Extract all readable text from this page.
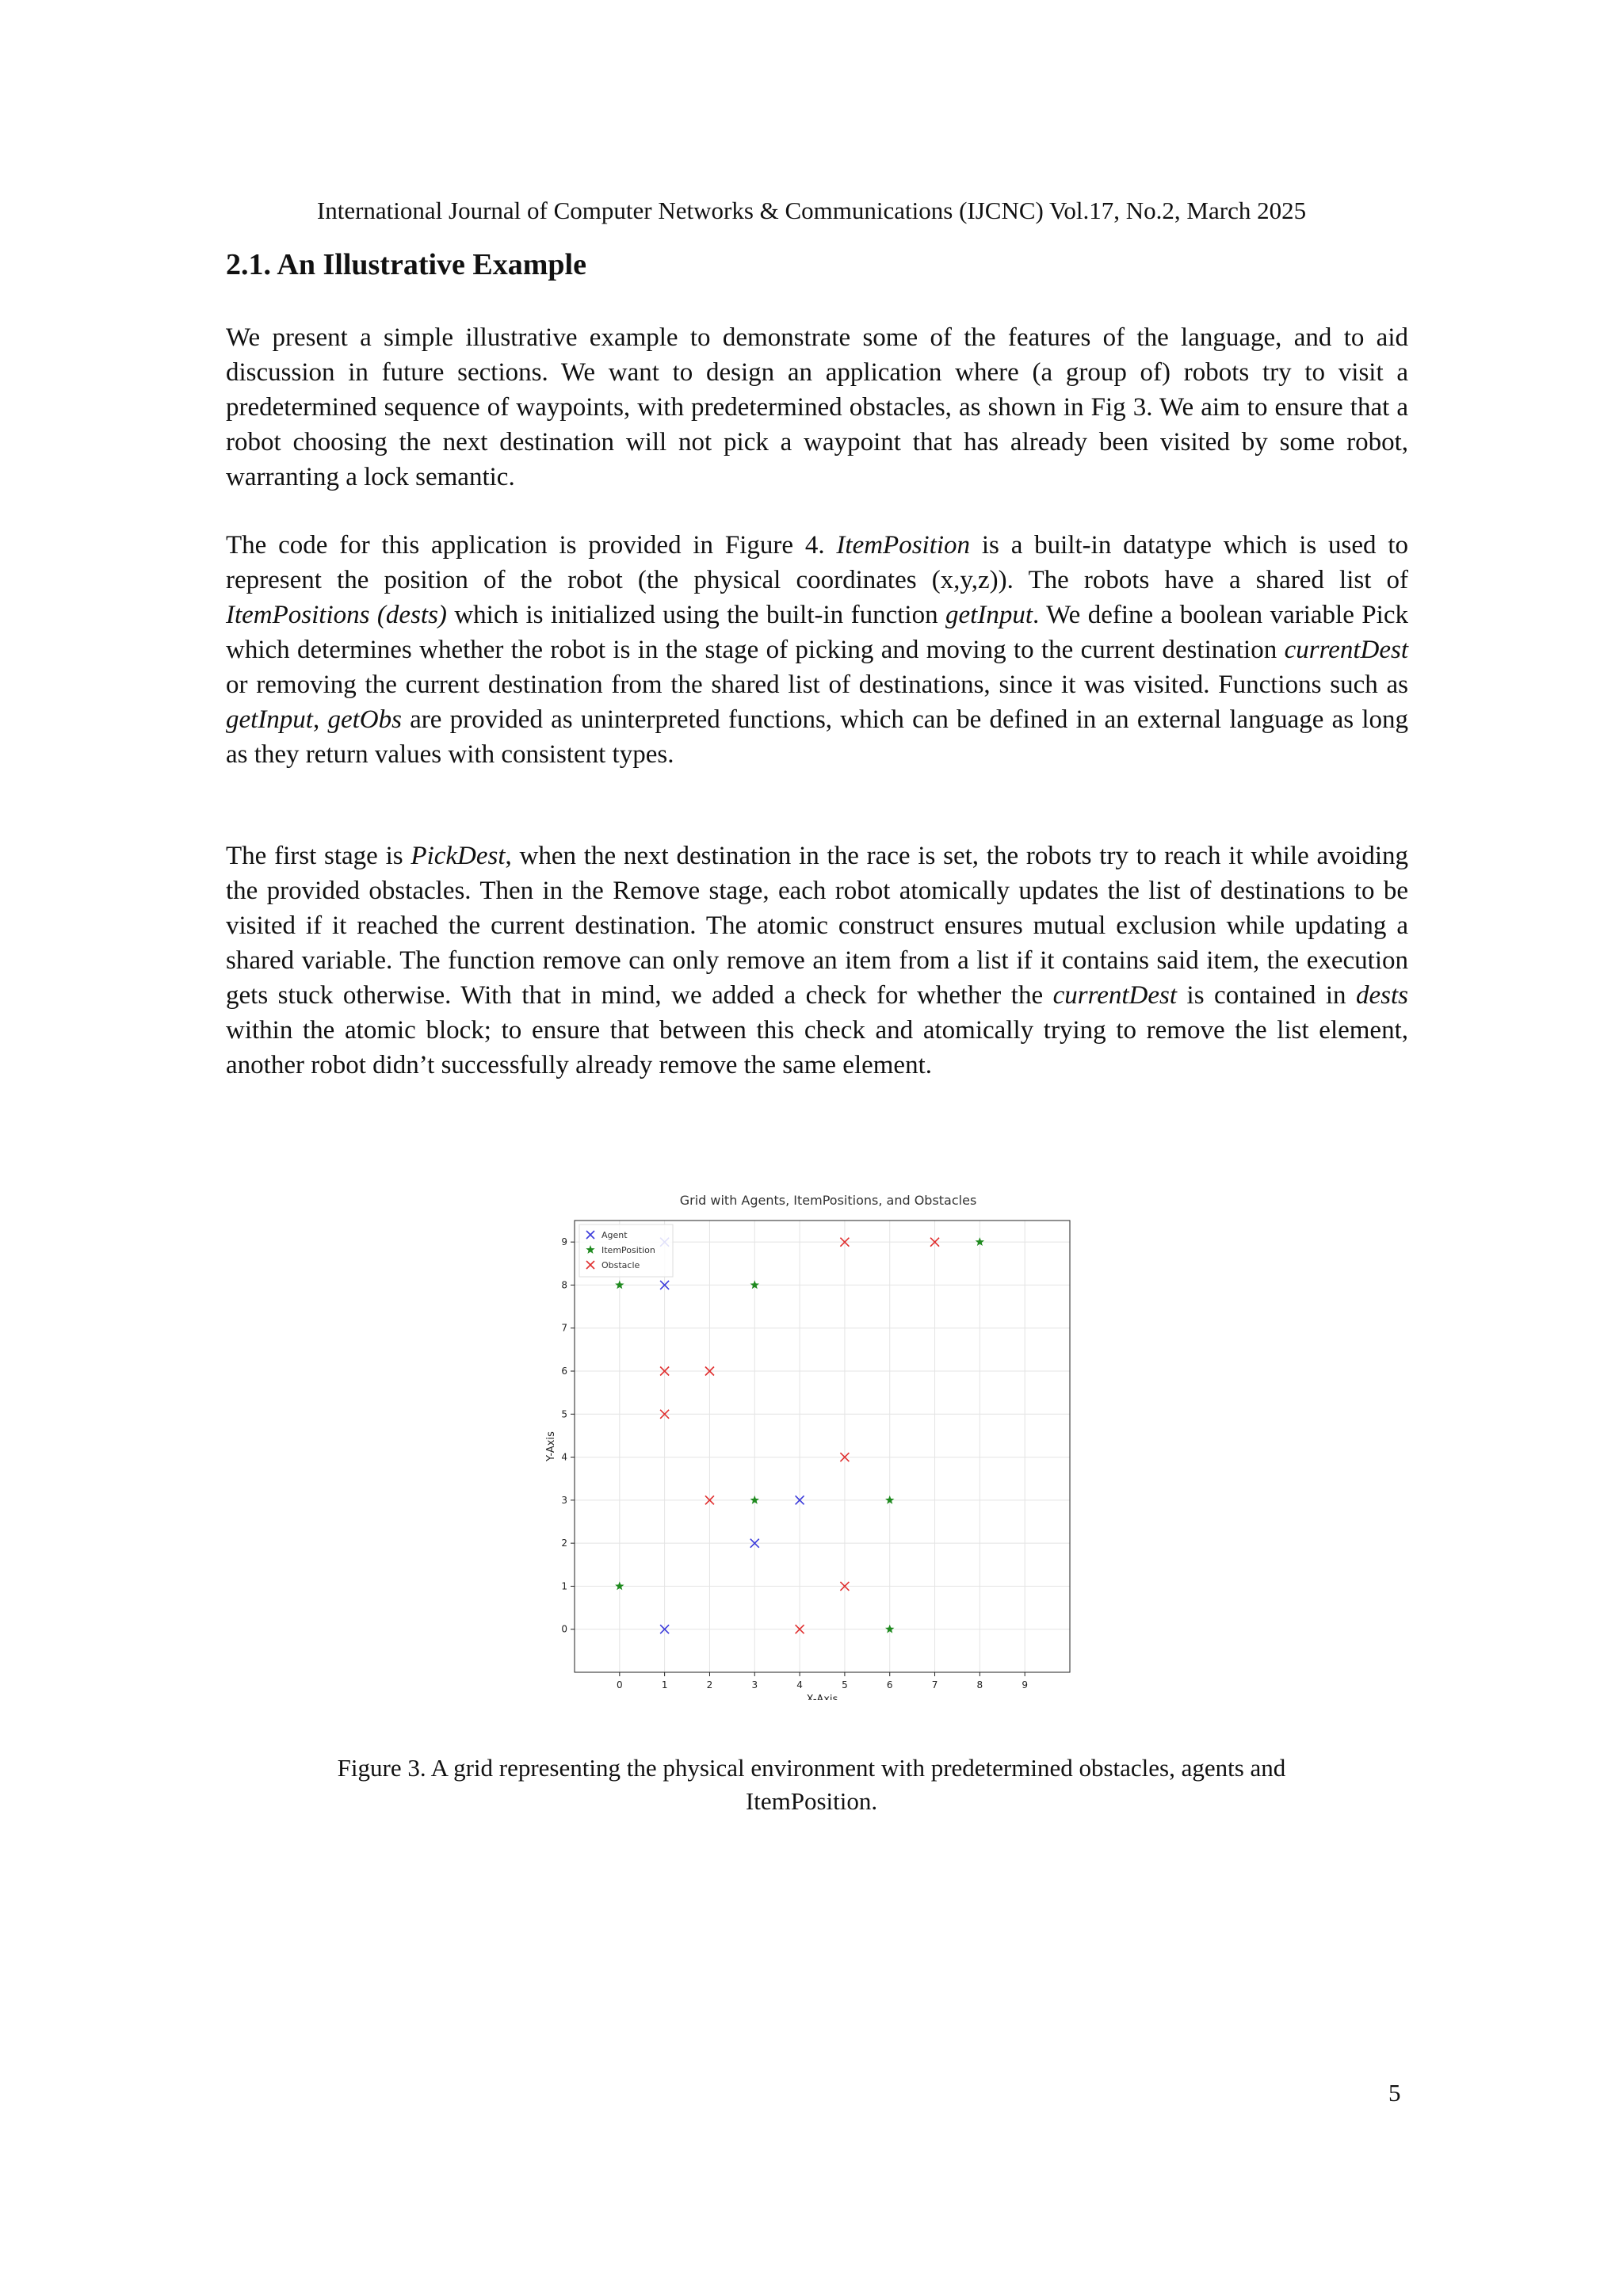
International Journal of Computer Networks & Communications (IJCNC) Vol.17, No.2, March 2025
2.1. An Illustrative Example

We present a simple illustrative example to demonstrate some of the features of the language, and to aid discussion in future sections. We want to design an application where (a group of) robots try to visit a predetermined sequence of waypoints, with predetermined obstacles, as shown in Fig 3. We aim to ensure that a robot choosing the next destination will not pick a waypoint that has already been visited by some robot, warranting a lock semantic.

The code for this application is provided in Figure 4. ItemPosition is a built-in datatype which is used to represent the position of the robot (the physical coordinates (x,y,z)). The robots have a shared list of ItemPositions (dests) which is initialized using the built-in function getInput. We define a boolean variable Pick which determines whether the robot is in the stage of picking and moving to the current destination currentDest or removing the current destination from the shared list of destinations, since it was visited. Functions such as getInput, getObs are provided as uninterpreted functions, which can be defined in an external language as long as they return values with consistent types.

The first stage is PickDest, when the next destination in the race is set, the robots try to reach it while avoiding the provided obstacles. Then in the Remove stage, each robot atomically updates the list of destinations to be visited if it reached the current destination. The atomic construct ensures mutual exclusion while updating a shared variable. The function remove can only remove an item from a list if it contains said item, the execution gets stuck otherwise. With that in mind, we added a check for whether the currentDest is contained in dests within the atomic block; to ensure that between this check and atomically trying to remove the list element, another robot didn’t successfully already remove the same element.

Grid with Agents, ItemPositions, and Obstacles
0	1	2	3	4	5	6	7	8	9
0
1
2
3
4
5
6
7
8
9
Agent
ItemPosition
Obstacle
X-Axis
Y-Axis
Figure 3. A grid representing the physical environment with predetermined obstacles, agents and ItemPosition.
5
